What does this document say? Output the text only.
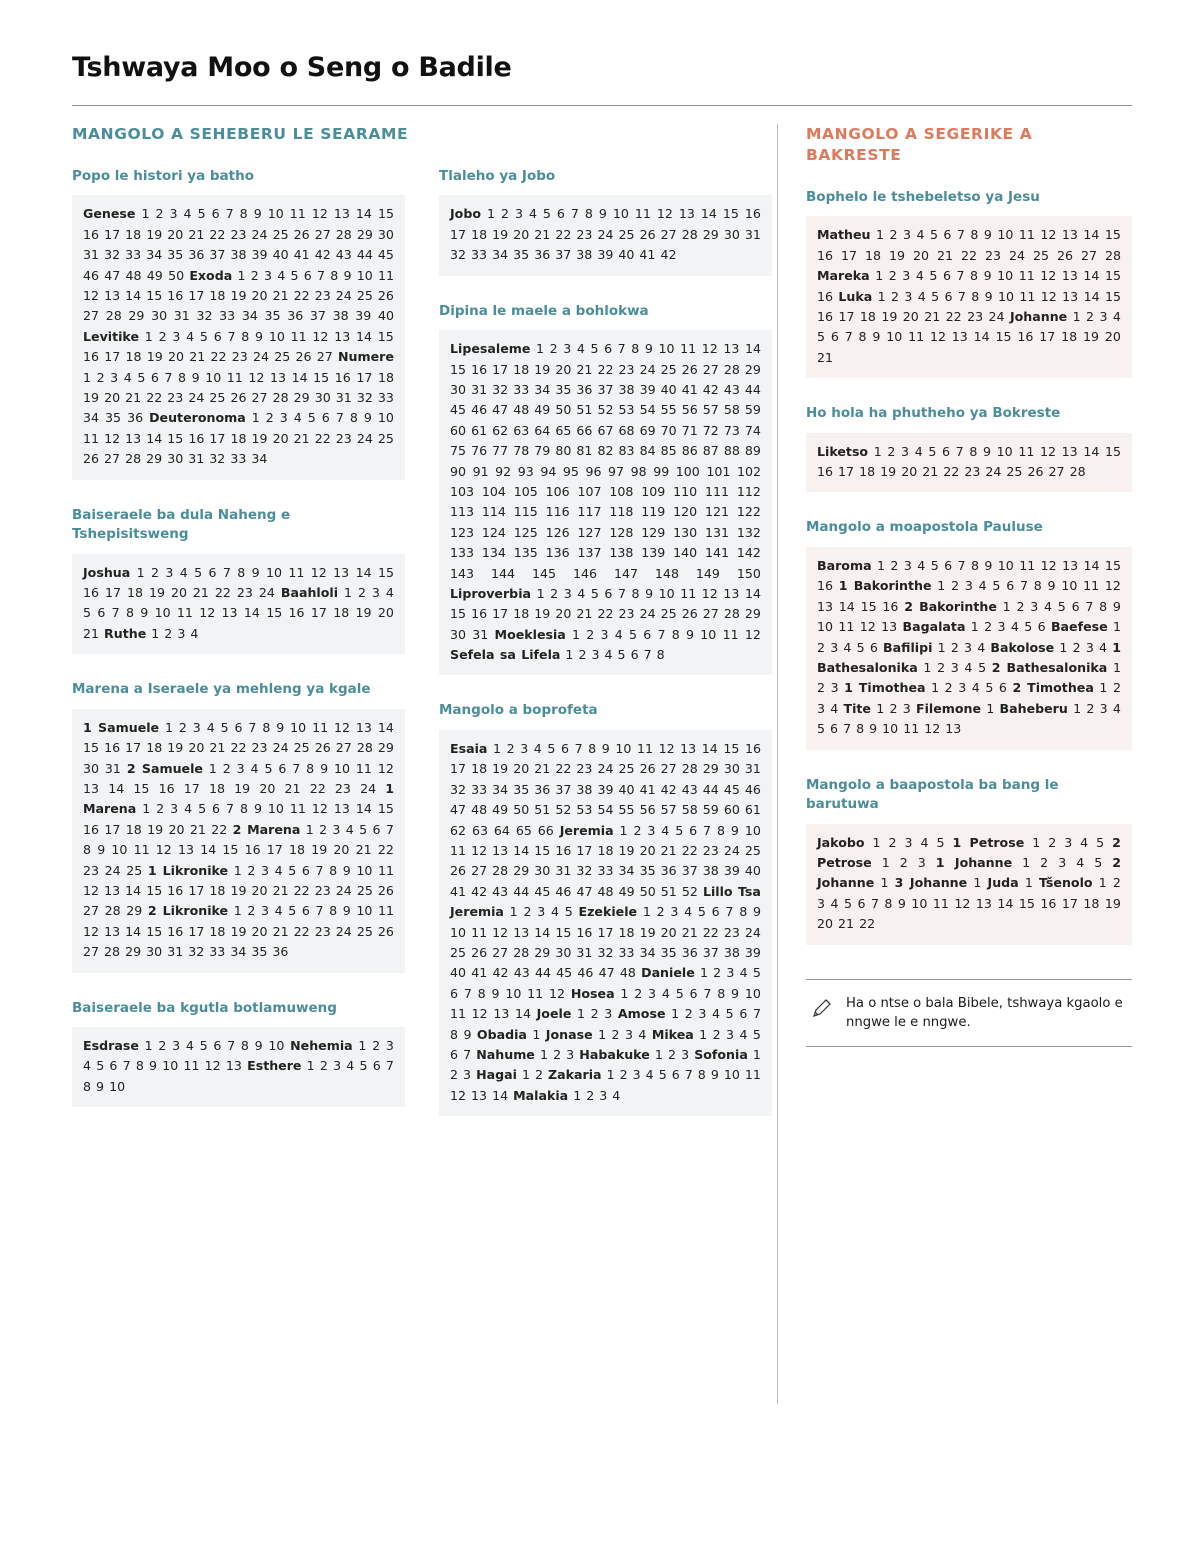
Tshwaya Moo o Seng o Badile
MANGOLO A SEHEBERU LE SEARAME
Popo le histori ya batho
Genese 1 2 3 4 5 6 7 8 9 10 11 12 13 14 15 16 17 18 19 20 21 22 23 24 25 26 27 28 29 30 31 32 33 34 35 36 37 38 39 40 41 42 43 44 45 46 47 48 49 50 Exoda 1 2 3 4 5 6 7 8 9 10 11 12 13 14 15 16 17 18 19 20 21 22 23 24 25 26 27 28 29 30 31 32 33 34 35 36 37 38 39 40 Levitike 1 2 3 4 5 6 7 8 9 10 11 12 13 14 15 16 17 18 19 20 21 22 23 24 25 26 27 Numere 1 2 3 4 5 6 7 8 9 10 11 12 13 14 15 16 17 18 19 20 21 22 23 24 25 26 27 28 29 30 31 32 33 34 35 36 Deuteronoma 1 2 3 4 5 6 7 8 9 10 11 12 13 14 15 16 17 18 19 20 21 22 23 24 25 26 27 28 29 30 31 32 33 34
Baiseraele ba dula Naheng e Tshepisitsweng
Joshua 1 2 3 4 5 6 7 8 9 10 11 12 13 14 15 16 17 18 19 20 21 22 23 24 Baahloli 1 2 3 4 5 6 7 8 9 10 11 12 13 14 15 16 17 18 19 20 21 Ruthe 1 2 3 4
Marena a Iseraele ya mehleng ya kgale
1 Samuele 1 2 3 4 5 6 7 8 9 10 11 12 13 14 15 16 17 18 19 20 21 22 23 24 25 26 27 28 29 30 31 2 Samuele 1 2 3 4 5 6 7 8 9 10 11 12 13 14 15 16 17 18 19 20 21 22 23 24 1 Marena 1 2 3 4 5 6 7 8 9 10 11 12 13 14 15 16 17 18 19 20 21 22 2 Marena 1 2 3 4 5 6 7 8 9 10 11 12 13 14 15 16 17 18 19 20 21 22 23 24 25 1 Likronike 1 2 3 4 5 6 7 8 9 10 11 12 13 14 15 16 17 18 19 20 21 22 23 24 25 26 27 28 29 2 Likronike 1 2 3 4 5 6 7 8 9 10 11 12 13 14 15 16 17 18 19 20 21 22 23 24 25 26 27 28 29 30 31 32 33 34 35 36
Baiseraele ba kgutla botlamuweng
Esdrase 1 2 3 4 5 6 7 8 9 10 Nehemia 1 2 3 4 5 6 7 8 9 10 11 12 13 Esthere 1 2 3 4 5 6 7 8 9 10
Tlaleho ya Jobo
Jobo 1 2 3 4 5 6 7 8 9 10 11 12 13 14 15 16 17 18 19 20 21 22 23 24 25 26 27 28 29 30 31 32 33 34 35 36 37 38 39 40 41 42
Dipina le maele a bohlokwa
Lipesaleme 1 2 3 4 5 6 7 8 9 10 11 12 13 14 15 16 17 18 19 20 21 22 23 24 25 26 27 28 29 30 31 32 33 34 35 36 37 38 39 40 41 42 43 44 45 46 47 48 49 50 51 52 53 54 55 56 57 58 59 60 61 62 63 64 65 66 67 68 69 70 71 72 73 74 75 76 77 78 79 80 81 82 83 84 85 86 87 88 89 90 91 92 93 94 95 96 97 98 99 100 101 102 103 104 105 106 107 108 109 110 111 112 113 114 115 116 117 118 119 120 121 122 123 124 125 126 127 128 129 130 131 132 133 134 135 136 137 138 139 140 141 142 143 144 145 146 147 148 149 150 Liproverbia 1 2 3 4 5 6 7 8 9 10 11 12 13 14 15 16 17 18 19 20 21 22 23 24 25 26 27 28 29 30 31 Moeklesia 1 2 3 4 5 6 7 8 9 10 11 12 Sefela sa Lifela 1 2 3 4 5 6 7 8
Mangolo a boprofeta
Esaia 1 2 3 4 5 6 7 8 9 10 11 12 13 14 15 16 17 18 19 20 21 22 23 24 25 26 27 28 29 30 31 32 33 34 35 36 37 38 39 40 41 42 43 44 45 46 47 48 49 50 51 52 53 54 55 56 57 58 59 60 61 62 63 64 65 66 Jeremia 1 2 3 4 5 6 7 8 9 10 11 12 13 14 15 16 17 18 19 20 21 22 23 24 25 26 27 28 29 30 31 32 33 34 35 36 37 38 39 40 41 42 43 44 45 46 47 48 49 50 51 52 Lillo Tsa Jeremia 1 2 3 4 5 Ezekiele 1 2 3 4 5 6 7 8 9 10 11 12 13 14 15 16 17 18 19 20 21 22 23 24 25 26 27 28 29 30 31 32 33 34 35 36 37 38 39 40 41 42 43 44 45 46 47 48 Daniele 1 2 3 4 5 6 7 8 9 10 11 12 Hosea 1 2 3 4 5 6 7 8 9 10 11 12 13 14 Joele 1 2 3 Amose 1 2 3 4 5 6 7 8 9 Obadia 1 Jonase 1 2 3 4 Mikea 1 2 3 4 5 6 7 Nahume 1 2 3 Habakuke 1 2 3 Sofonia 1 2 3 Hagai 1 2 Zakaria 1 2 3 4 5 6 7 8 9 10 11 12 13 14 Malakia 1 2 3 4
MANGOLO A SEGERIKE A BAKRESTE
Bophelo le tshebeletso ya Jesu
Matheu 1 2 3 4 5 6 7 8 9 10 11 12 13 14 15 16 17 18 19 20 21 22 23 24 25 26 27 28 Mareka 1 2 3 4 5 6 7 8 9 10 11 12 13 14 15 16 Luka 1 2 3 4 5 6 7 8 9 10 11 12 13 14 15 16 17 18 19 20 21 22 23 24 Johanne 1 2 3 4 5 6 7 8 9 10 11 12 13 14 15 16 17 18 19 20 21
Ho hola ha phutheho ya Bokreste
Liketso 1 2 3 4 5 6 7 8 9 10 11 12 13 14 15 16 17 18 19 20 21 22 23 24 25 26 27 28
Mangolo a moapostola Pauluse
Baroma 1 2 3 4 5 6 7 8 9 10 11 12 13 14 15 16 1 Bakorinthe 1 2 3 4 5 6 7 8 9 10 11 12 13 14 15 16 2 Bakorinthe 1 2 3 4 5 6 7 8 9 10 11 12 13 Bagalata 1 2 3 4 5 6 Baefese 1 2 3 4 5 6 Bafilipi 1 2 3 4 Bakolose 1 2 3 4 1 Bathesalonika 1 2 3 4 5 2 Bathesalonika 1 2 3 1 Timothea 1 2 3 4 5 6 2 Timothea 1 2 3 4 Tite 1 2 3 Filemone 1 Baheberu 1 2 3 4 5 6 7 8 9 10 11 12 13
Mangolo a baapostola ba bang le barutuwa
Jakobo 1 2 3 4 5 1 Petrose 1 2 3 4 5 2 Petrose 1 2 3 1 Johanne 1 2 3 4 5 2 Johanne 1 3 Johanne 1 Juda 1 Tšenolo 1 2 3 4 5 6 7 8 9 10 11 12 13 14 15 16 17 18 19 20 21 22
Ha o ntse o bala Bibele, tshwaya kgaolo e nngwe le e nngwe.
